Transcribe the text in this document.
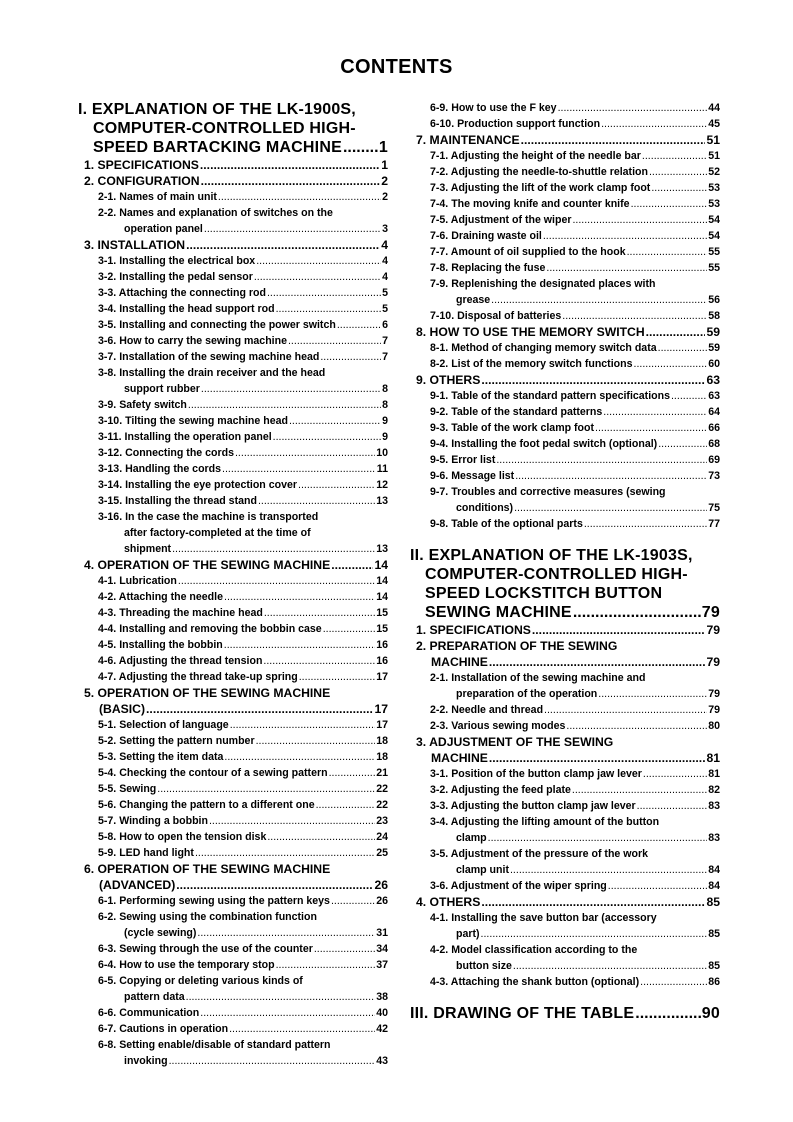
CONTENTS
I. EXPLANATION OF THE LK-1900S,
COMPUTER-CONTROLLED HIGH-
SPEED BARTACKING MACHINE ..... 1
1. SPECIFICATIONS .....	1
2. CONFIGURATION .....	2
2-1. Names of main unit .....	2
2-2. Names and explanation of switches on the
operation panel .....	3
3. INSTALLATION .....	4
3-1. Installing the electrical box .....	4
3-2. Installing the pedal sensor .....	4
3-3. Attaching the connecting rod .....	5
3-4. Installing the head support rod .....	5
3-5. Installing and connecting the power switch .....	6
3-6. How to carry the sewing machine .....	7
3-7. Installation of the sewing machine head .....	7
3-8. Installing the drain receiver and the head
support rubber .....	8
3-9. Safety switch .....	8
3-10. Tilting the sewing machine head .....	9
3-11. Installing the operation panel .....	9
3-12. Connecting the cords .....	10
3-13. Handling the cords .....	11
3-14. Installing the eye protection cover .....	12
3-15. Installing the thread stand .....	13
3-16. In the case the machine is transported
after factory-completed at the time of
shipment .....	13
4. OPERATION OF THE SEWING MACHINE .....	14
4-1. Lubrication .....	14
4-2. Attaching the needle .....	14
4-3. Threading the machine head .....	15
4-4. Installing and removing the bobbin case .....	15
4-5. Installing the bobbin .....	16
4-6. Adjusting the thread tension .....	16
4-7. Adjusting the thread take-up spring .....	17
5. OPERATION OF THE SEWING MACHINE
(BASIC) .....	17
5-1. Selection of language .....	17
5-2. Setting the pattern number .....	18
5-3. Setting the item data .....	18
5-4. Checking the contour of a sewing pattern .....	21
5-5. Sewing .....	22
5-6. Changing the pattern to a different one .....	22
5-7. Winding a bobbin .....	23
5-8. How to open the tension disk .....	24
5-9. LED hand light .....	25
6. OPERATION OF THE SEWING MACHINE
(ADVANCED) .....	26
6-1. Performing sewing using the pattern keys .....	26
6-2. Sewing using the combination function
(cycle sewing) .....	31
6-3. Sewing through the use of the counter .....	34
6-4. How to use the temporary stop .....	37
6-5. Copying or deleting various kinds of
pattern data .....	38
6-6. Communication .....	40
6-7. Cautions in operation .....	42
6-8. Setting enable/disable of standard pattern
invoking .....	43
6-9. How to use the F key .....	44
6-10. Production support function .....	45
7. MAINTENANCE .....	51
7-1. Adjusting the height of the needle bar .....	51
7-2. Adjusting the needle-to-shuttle relation .....	52
7-3. Adjusting the lift of the work clamp foot .....	53
7-4. The moving knife and counter knife .....	53
7-5. Adjustment of the wiper .....	54
7-6. Draining waste oil .....	54
7-7. Amount of oil supplied to the hook .....	55
7-8. Replacing the fuse .....	55
7-9. Replenishing the designated places with
grease .....	56
7-10. Disposal of batteries .....	58
8. HOW TO USE THE MEMORY SWITCH .....	59
8-1. Method of changing memory switch data .....	59
8-2. List of the memory switch functions .....	60
9. OTHERS .....	63
9-1. Table of the standard pattern specifications .....	63
9-2. Table of the standard patterns .....	64
9-3. Table of the work clamp foot .....	66
9-4. Installing the foot pedal switch (optional) .....	68
9-5. Error list .....	69
9-6. Message list .....	73
9-7. Troubles and corrective measures (sewing
conditions) .....	75
9-8. Table of the optional parts .....	77
II. EXPLANATION OF THE LK-1903S,
COMPUTER-CONTROLLED HIGH-
SPEED LOCKSTITCH BUTTON
SEWING MACHINE .....	79
1. SPECIFICATIONS .....	79
2. PREPARATION OF THE SEWING
MACHINE .....	79
2-1. Installation of the sewing machine and
preparation of the operation .....	79
2-2. Needle and thread .....	79
2-3. Various sewing modes .....	80
3. ADJUSTMENT OF THE SEWING
MACHINE .....	81
3-1. Position of the button clamp jaw lever .....	81
3-2. Adjusting the feed plate .....	82
3-3. Adjusting the button clamp jaw lever .....	83
3-4. Adjusting the lifting amount of the button
clamp .....	83
3-5. Adjustment of the pressure of the work
clamp unit .....	84
3-6. Adjustment of the wiper spring .....	84
4. OTHERS .....	85
4-1. Installing the save button bar (accessory
part) .....	85
4-2. Model classification according to the
button size .....	85
4-3. Attaching the shank button (optional) .....	86
III. DRAWING OF THE TABLE .....	90
